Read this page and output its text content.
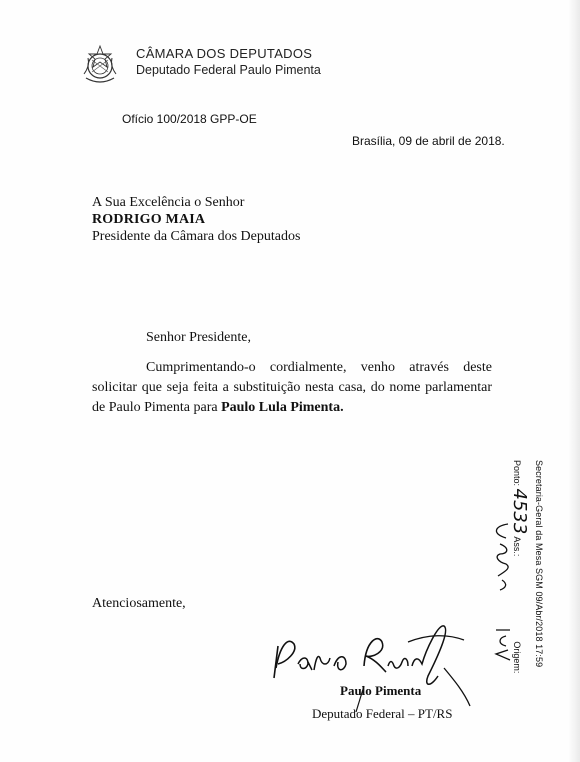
CÂMARA DOS DEPUTADOS
Deputado Federal Paulo Pimenta
Ofício 100/2018 GPP-OE
Brasília, 09 de abril de 2018.
A Sua Excelência o Senhor
RODRIGO MAIA
Presidente da Câmara dos Deputados
Senhor Presidente,
Cumprimentando-o cordialmente, venho através deste solicitar que seja feita a substituição nesta casa, do nome parlamentar de Paulo Pimenta para Paulo Lula Pimenta.
Atenciosamente,
Paulo Pimenta
Deputado Federal – PT/RS
Secretaria-Geral da Mesa SGM 09/Abr/2018 17:59
Ponto: 4533 Ass.:  Origem:
